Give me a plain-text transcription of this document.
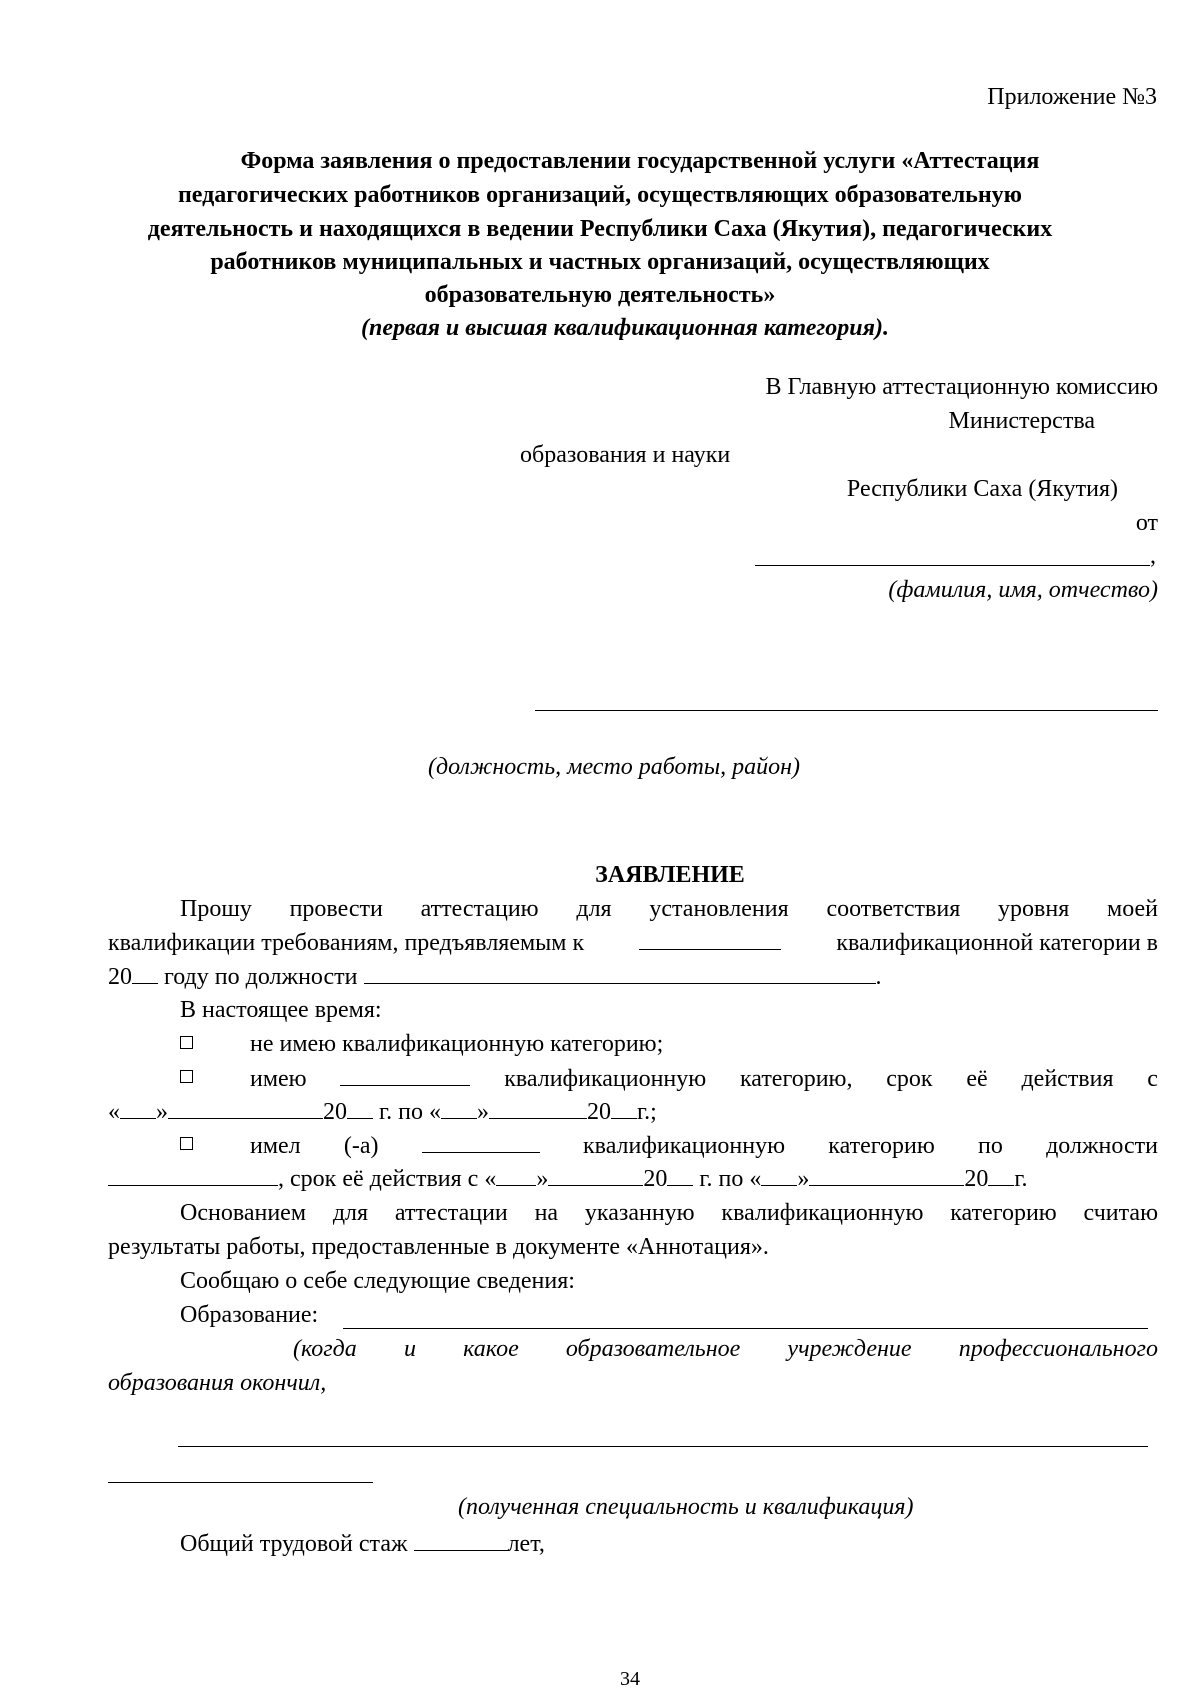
Приложение №3
Форма заявления о предоставлении государственной услуги «Аттестация
педагогических работников организаций, осуществляющих образовательную
деятельность и находящихся в ведении Республики Саха (Якутия), педагогических
работников муниципальных и частных организаций, осуществляющих
образовательную деятельность»
(первая и высшая квалификационная категория).
В Главную аттестационную комиссию
Министерства
образования и науки
Республики Саха (Якутия)
от
,
(фамилия, имя, отчество)
(должность, место работы, район)
ЗАЯВЛЕНИЕ
Прошу провести аттестацию для установления соответствия уровня моей
квалификации требованиям, предъявляемым к	квалификационной категории в
20 году по должности	.
В настоящее время:
не имею квалификационную категорию;
имею	квалификационную категорию, срок её действия с
« »	20 г. по « »	20 г.;
имел (-а)	квалификационную категорию по должности
, срок её действия с « »	20 г. по « »	20 г.
Основанием для аттестации на указанную квалификационную категорию считаю
результаты работы, предоставленные в документе «Аннотация».
Сообщаю о себе следующие сведения:
Образование:
(когда и какое образовательное учреждение профессионального
образования окончил,
(полученная специальность и квалификация)
Общий трудовой стаж	лет,
34
